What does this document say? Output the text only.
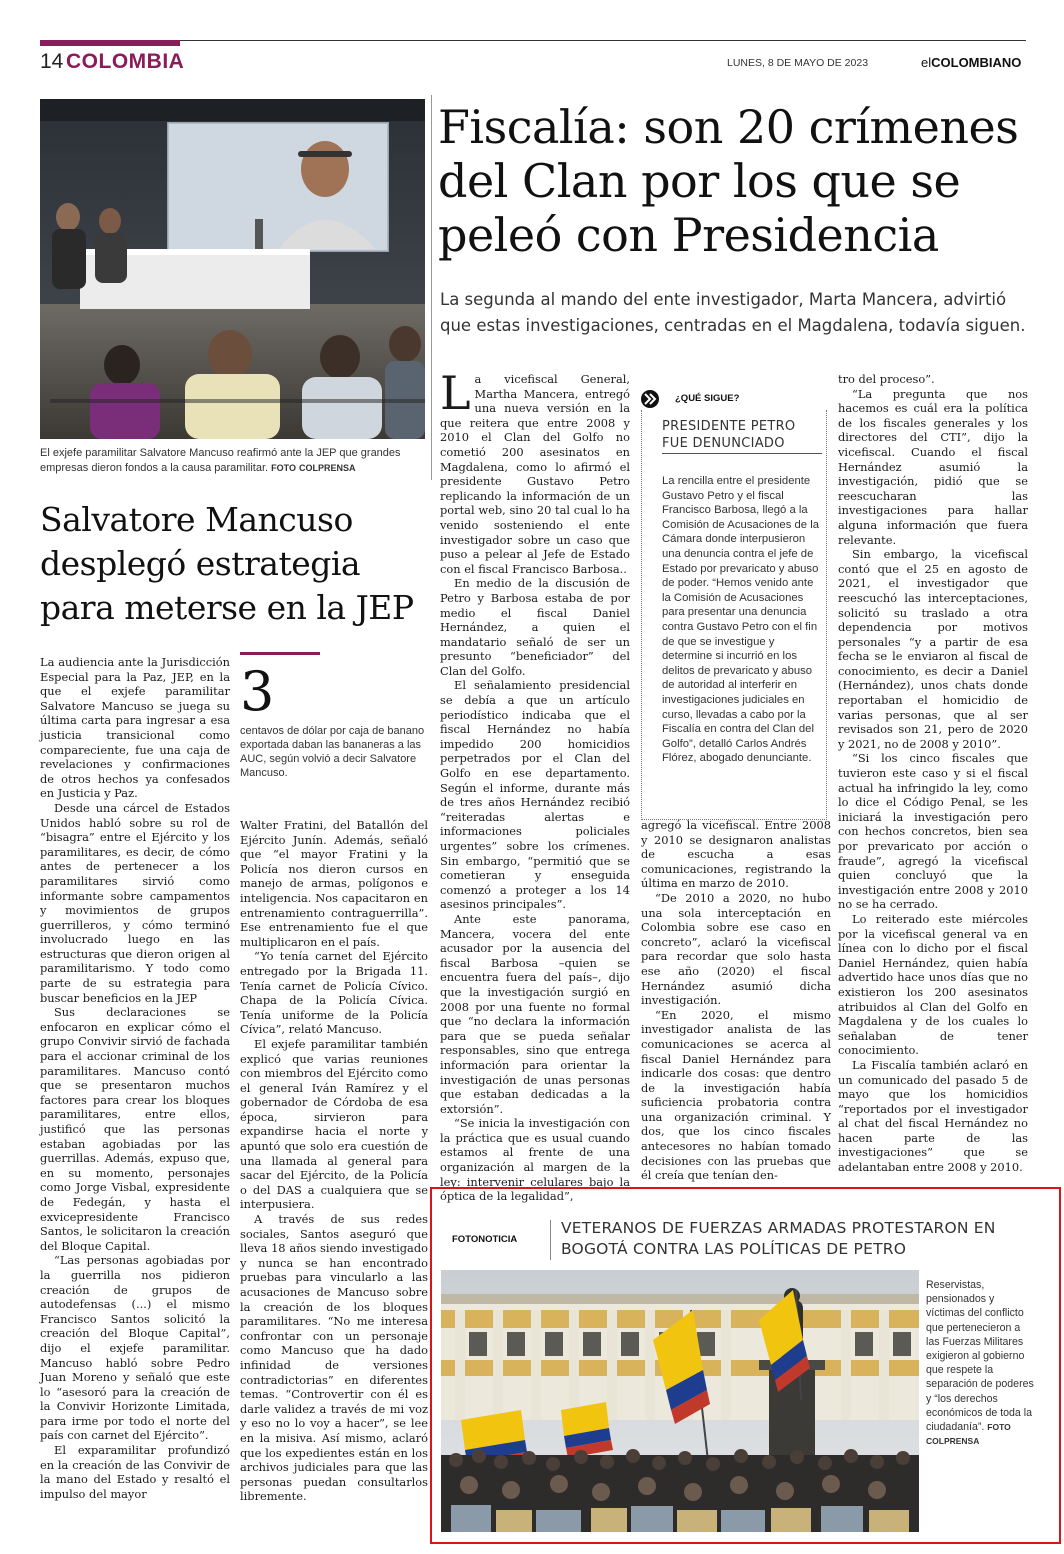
14 COLOMBIA	LUNES, 8 DE MAYO DE 2023	elCOLOMBIANO
El exjefe paramilitar Salvatore Mancuso reafirmó ante la JEP que grandes empresas dieron fondos a la causa paramilitar. FOTO COLPRENSA
Fiscalía: son 20 crímenes del Clan por los que se peleó con Presidencia
La segunda al mando del ente investigador, Marta Mancera, advirtió que estas investigaciones, centradas en el Magdalena, todavía siguen.

La vicefiscal General, Martha Mancera, entregó una nueva versión en la que reitera que entre 2008 y 2010 el Clan del Golfo no cometió 200 asesinatos en Magdalena, como lo afirmó el presidente Gustavo Petro replicando la información de un portal web, sino 20 tal cual lo ha venido sosteniendo el ente investigador sobre un caso que puso a pelear al Jefe de Estado con el fiscal Francisco Barbosa..

En medio de la discusión de Petro y Barbosa estaba de por medio el fiscal Daniel Hernández, a quien el mandatario señaló de ser un presunto “beneficiador” del Clan del Golfo.

El señalamiento presidencial se debía a que un artículo periodístico indicaba que el fiscal Hernández no había impedido 200 homicidios perpetrados por el Clan del Golfo en ese departamento. Según el informe, durante más de tres años Hernández recibió “reiteradas alertas e informaciones policiales urgentes” sobre los crímenes. Sin embargo, “permitió que se cometieran y enseguida comenzó a proteger a los 14 asesinos principales”.

Ante este panorama, Mancera, vocera del ente acusador por la ausencia del fiscal Barbosa –quien se encuentra fuera del país–, dijo que la investigación surgió en 2008 por una fuente no formal que “no declara la información para que se pueda señalar responsables, sino que entrega información para orientar la investigación de unas personas que estaban dedicadas a la extorsión”.

“Se inicia la investigación con la práctica que es usual cuando estamos al frente de una organización al margen de la ley: intervenir celulares bajo la óptica de la legalidad”,

¿QUÉ SIGUE?
PRESIDENTE PETRO FUE DENUNCIADO
La rencilla entre el presidente Gustavo Petro y el fiscal Francisco Barbosa, llegó a la Comisión de Acusaciones de la Cámara donde interpusieron una denuncia contra el jefe de Estado por prevaricato y abuso de poder. “Hemos venido ante la Comisión de Acusaciones para presentar una denuncia contra Gustavo Petro con el fin de que se investigue y determine si incurrió en los delitos de prevaricato y abuso de autoridad al interferir en investigaciones judiciales en curso, llevadas a cabo por la Fiscalía en contra del Clan del Golfo”, detalló Carlos Andrés Flórez, abogado denunciante.

agregó la vicefiscal. Entre 2008 y 2010 se designaron analistas de escucha a esas comunicaciones, registrando la última en marzo de 2010.

“De 2010 a 2020, no hubo una sola interceptación en Colombia sobre ese caso en concreto”, aclaró la vicefiscal para recordar que solo hasta ese año (2020) el fiscal Hernández asumió dicha investigación.

“En 2020, el mismo investigador analista de las comunicaciones se acerca al fiscal Daniel Hernández para indicarle dos cosas: que dentro de la investigación había suficiencia probatoria contra una organización criminal. Y dos, que los cinco fiscales antecesores no habían tomado decisiones con las pruebas que él creía que tenían den-

tro del proceso”.

“La pregunta que nos hacemos es cuál era la política de los fiscales generales y los directores del CTI”, dijo la vicefiscal. Cuando el fiscal Hernández asumió la investigación, pidió que se reescucharan las investigaciones para hallar alguna información que fuera relevante.

Sin embargo, la vicefiscal contó que el 25 en agosto de 2021, el investigador que reescuchó las interceptaciones, solicitó su traslado a otra dependencia por motivos personales “y a partir de esa fecha se le enviaron al fiscal de conocimiento, es decir a Daniel (Hernández), unos chats donde reportaban el homicidio de varias personas, que al ser revisados son 21, pero de 2020 y 2021, no de 2008 y 2010”.

“Si los cinco fiscales que tuvieron este caso y si el fiscal actual ha infringido la ley, como lo dice el Código Penal, se les iniciará la investigación pero con hechos concretos, bien sea por prevaricato por acción o fraude”, agregó la vicefiscal quien concluyó que la investigación entre 2008 y 2010 no se ha cerrado.

Lo reiterado este miércoles por la vicefiscal general va en línea con lo dicho por el fiscal Daniel Hernández, quien había advertido hace unos días que no existieron los 200 asesinatos atribuidos al Clan del Golfo en Magdalena y de los cuales lo señalaban de tener conocimiento.

La Fiscalía también aclaró en un comunicado del pasado 5 de mayo que los homicidios “reportados por el investigador al chat del fiscal Hernández no hacen parte de las investigaciones” que se adelantaban entre 2008 y 2010.

Salvatore Mancuso desplegó estrategia para meterse en la JEP

La audiencia ante la Jurisdicción Especial para la Paz, JEP, en la que el exjefe paramilitar Salvatore Mancuso se juega su última carta para ingresar a esa justicia transicional como compareciente, fue una caja de revelaciones y confirmaciones de otros hechos ya confesados en Justicia y Paz.

Desde una cárcel de Estados Unidos habló sobre su rol de “bisagra” entre el Ejército y los paramilitares, es decir, de cómo antes de pertenecer a los paramilitares sirvió como informante sobre campamentos y movimientos de grupos guerrilleros, y cómo terminó involucrado luego en las estructuras que dieron origen al paramilitarismo. Y todo como parte de su estrategia para buscar beneficios en la JEP

Sus declaraciones se enfocaron en explicar cómo el grupo Convivir sirvió de fachada para el accionar criminal de los paramilitares. Mancuso contó que se presentaron muchos factores para crear los bloques paramilitares, entre ellos, justificó que las personas estaban agobiadas por las guerrillas. Además, expuso que, en su momento, personajes como Jorge Visbal, expresidente de Fedegán, y hasta el exvicepresidente Francisco Santos, le solicitaron la creación del Bloque Capital.

“Las personas agobiadas por la guerrilla nos pidieron creación de grupos de autodefensas (...) el mismo Francisco Santos solicitó la creación del Bloque Capital”, dijo el exjefe paramilitar. Mancuso habló sobre Pedro Juan Moreno y señaló que este lo “asesoró para la creación de la Convivir Horizonte Limitada, para irme por todo el norte del país con carnet del Ejército”.

El exparamilitar profundizó en la creación de las Convivir de la mano del Estado y resaltó el impulso del mayor

3
centavos de dólar por caja de banano exportada daban las bananeras a las AUC, según volvió a decir Salvatore Mancuso.

Walter Fratini, del Batallón del Ejército Junín. Además, señaló que “el mayor Fratini y la Policía nos dieron cursos en manejo de armas, polígonos e inteligencia. Nos capacitaron en entrenamiento contraguerrilla”. Ese entrenamiento fue el que multiplicaron en el país.

“Yo tenía carnet del Ejército entregado por la Brigada 11. Tenía carnet de Policía Cívico. Chapa de la Policía Cívica. Tenía uniforme de la Policía Cívica”, relató Mancuso.

El exjefe paramilitar también explicó que varias reuniones con miembros del Ejército como el general Iván Ramírez y el gobernador de Córdoba de esa época, sirvieron para expandirse hacia el norte y apuntó que solo era cuestión de una llamada al general para sacar del Ejército, de la Policía o del DAS a cualquiera que se interpusiera.

A través de sus redes sociales, Santos aseguró que lleva 18 años siendo investigado y nunca se han encontrado pruebas para vincularlo a las acusaciones de Mancuso sobre la creación de los bloques paramilitares. “No me interesa confrontar con un personaje como Mancuso que ha dado infinidad de versiones contradictorias” en diferentes temas. “Controvertir con él es darle validez a través de mi voz y eso no lo voy a hacer”, se lee en la misiva. Así mismo, aclaró que los expedientes están en los archivos judiciales para que las personas puedan consultarlos libremente.

FOTONOTICIA
VETERANOS DE FUERZAS ARMADAS PROTESTARON EN BOGOTÁ CONTRA LAS POLÍTICAS DE PETRO
Reservistas, pensionados y víctimas del conflicto que pertenecieron a las Fuerzas Militares exigieron al gobierno que respete la separación de poderes y “los derechos económicos de toda la ciudadanía”. FOTO COLPRENSA
